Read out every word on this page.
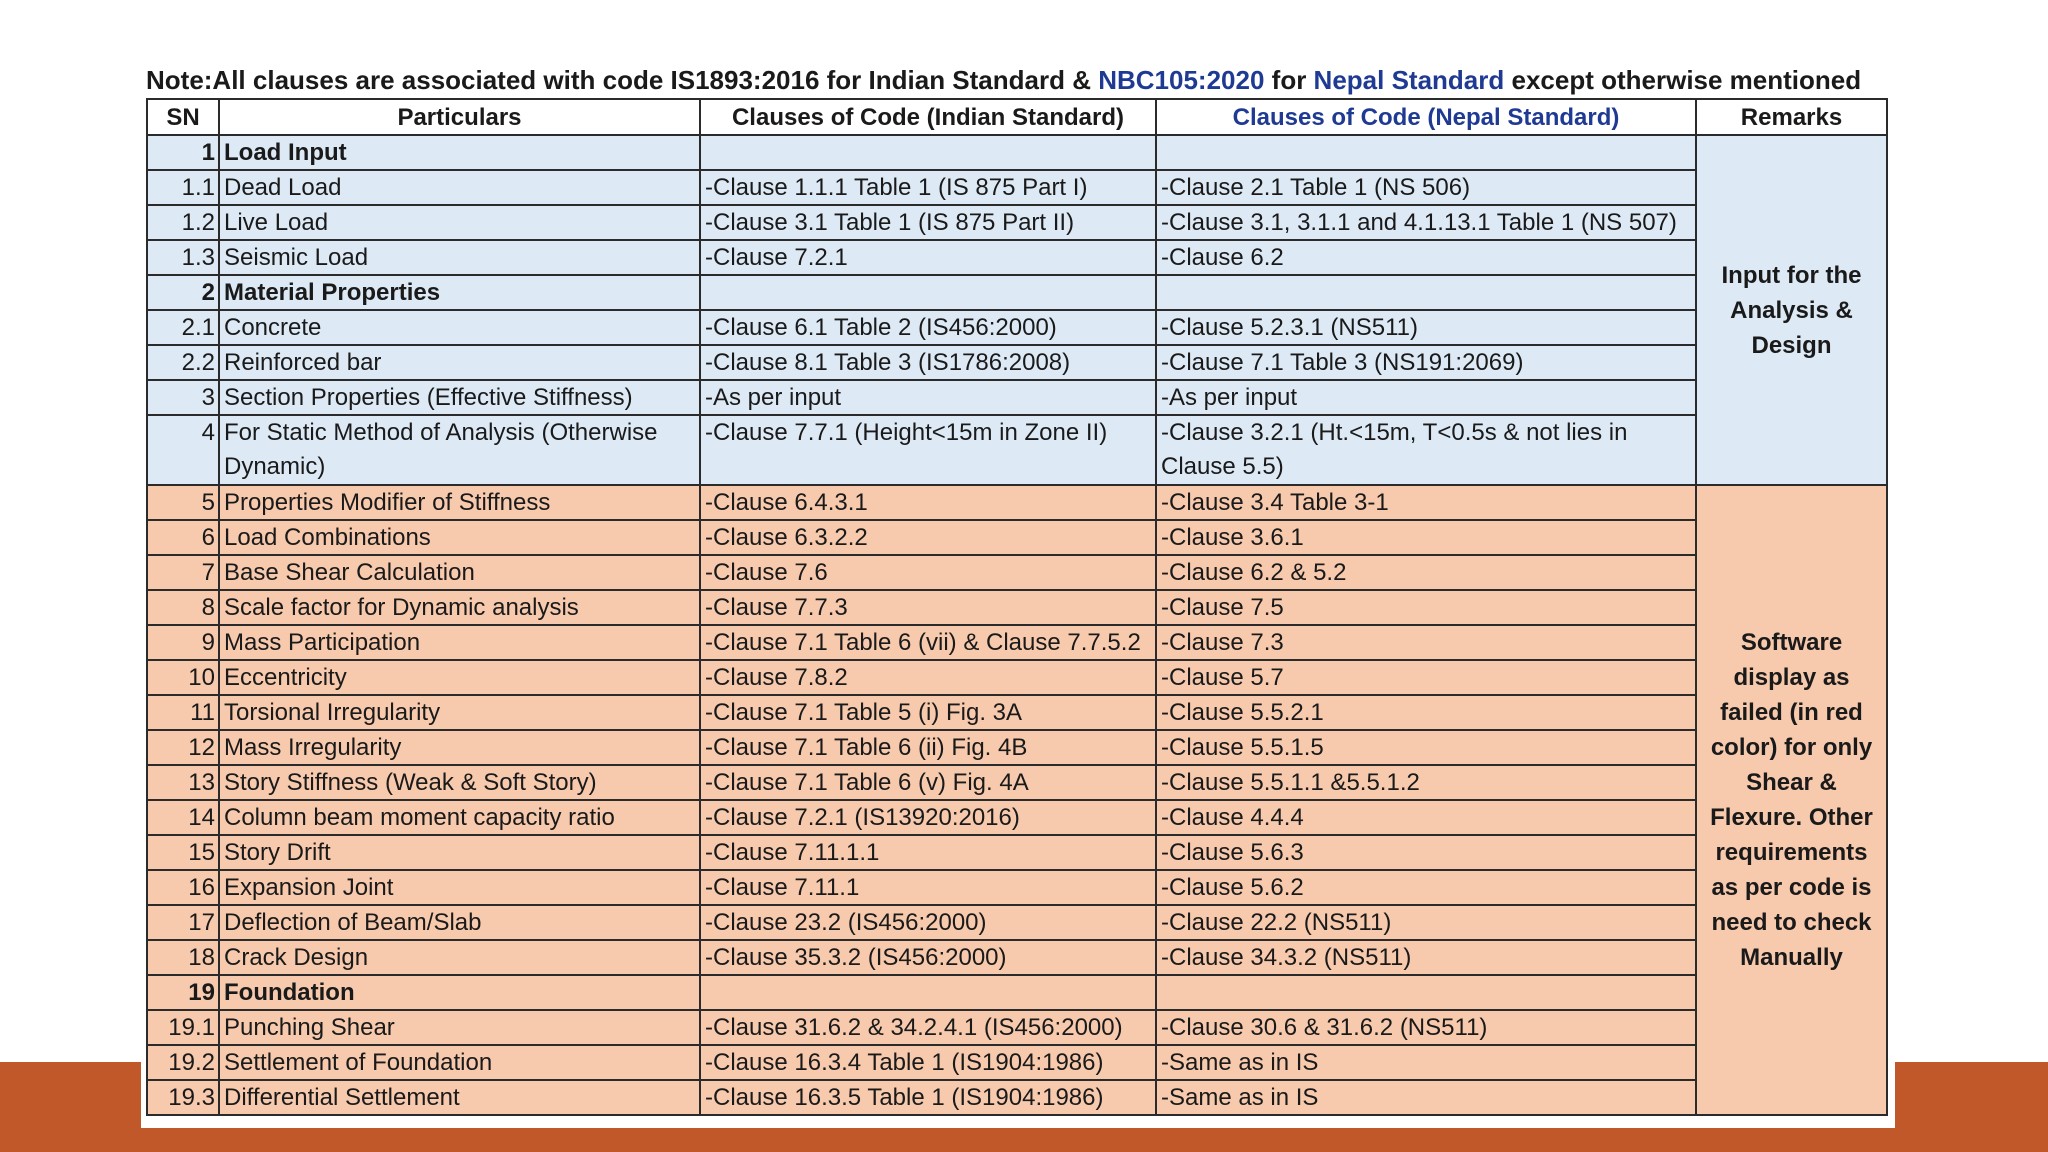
Note:All clauses are associated with code IS1893:2016 for Indian Standard & NBC105:2020 for Nepal Standard except otherwise mentioned
SN	Particulars	Clauses of Code (Indian Standard)	Clauses of Code (Nepal Standard)	Remarks
1	Load Input			Input for the Analysis & Design
1.1	Dead Load	-Clause 1.1.1 Table 1 (IS 875 Part I)	-Clause 2.1 Table 1 (NS 506)	
1.2	Live Load	-Clause 3.1 Table 1 (IS 875 Part II)	-Clause 3.1, 3.1.1 and 4.1.13.1 Table 1 (NS 507)	
1.3	Seismic Load	-Clause 7.2.1	-Clause 6.2	
2	Material Properties			
2.1	Concrete	-Clause 6.1 Table 2 (IS456:2000)	-Clause 5.2.3.1 (NS511)	
2.2	Reinforced bar	-Clause 8.1 Table 3 (IS1786:2008)	-Clause 7.1 Table 3 (NS191:2069)	
3	Section Properties (Effective Stiffness)	-As per input	-As per input	
4	For Static Method of Analysis (Otherwise Dynamic)	-Clause 7.7.1 (Height<15m in Zone II)	-Clause 3.2.1 (Ht.<15m, T<0.5s & not lies in Clause 5.5)	
5	Properties Modifier of Stiffness	-Clause 6.4.3.1	-Clause 3.4 Table 3-1	Software display as failed (in red color) for only Shear & Flexure. Other requirements as per code is need to check Manually
6	Load Combinations	-Clause 6.3.2.2	-Clause 3.6.1	
7	Base Shear Calculation	-Clause 7.6	-Clause 6.2 & 5.2	
8	Scale factor for Dynamic analysis	-Clause 7.7.3	-Clause 7.5	
9	Mass Participation	-Clause 7.1 Table 6 (vii) & Clause 7.7.5.2	-Clause 7.3	
10	Eccentricity	-Clause 7.8.2	-Clause 5.7	
11	Torsional Irregularity	-Clause 7.1 Table 5 (i) Fig. 3A	-Clause 5.5.2.1	
12	Mass Irregularity	-Clause 7.1 Table 6 (ii) Fig. 4B	-Clause 5.5.1.5	
13	Story Stiffness (Weak & Soft Story)	-Clause 7.1 Table 6 (v) Fig. 4A	-Clause 5.5.1.1 &5.5.1.2	
14	Column beam moment capacity ratio	-Clause 7.2.1 (IS13920:2016)	-Clause 4.4.4	
15	Story Drift	-Clause 7.11.1.1	-Clause 5.6.3	
16	Expansion Joint	-Clause 7.11.1	-Clause 5.6.2	
17	Deflection of Beam/Slab	-Clause 23.2 (IS456:2000)	-Clause 22.2 (NS511)	
18	Crack Design	-Clause 35.3.2 (IS456:2000)	-Clause 34.3.2 (NS511)	
19	Foundation			
19.1	Punching Shear	-Clause 31.6.2 & 34.2.4.1 (IS456:2000)	-Clause 30.6 & 31.6.2 (NS511)	
19.2	Settlement of Foundation	-Clause 16.3.4 Table 1 (IS1904:1986)	-Same as in IS	
19.3	Differential Settlement	-Clause 16.3.5 Table 1 (IS1904:1986)	-Same as in IS	
